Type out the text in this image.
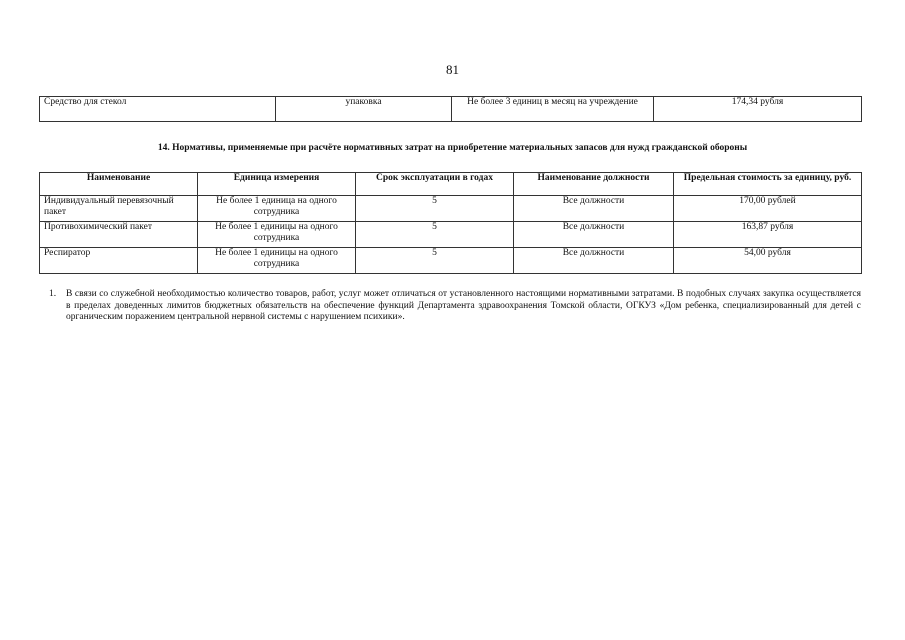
81
Средство для стекол	упаковка	Не более 3 единиц в месяц на учреждение	174,34 рубля
14. Нормативы, применяемые при расчёте нормативных затрат на приобретение материальных запасов для нужд гражданской обороны
Наименование	Единица измерения	Срок эксплуатации в годах	Наименование должности	Предельная стоимость за единицу, руб.
Индивидуальный перевязочный пакет	Не более 1 единица на одного сотрудника	5	Все должности	170,00 рублей
Противохимический пакет	Не более 1 единицы на одного сотрудника	5	Все должности	163,87 рубля
Респиратор	Не более 1 единицы на одного сотрудника	5	Все должности	54,00 рубля
1. В связи со служебной необходимостью количество товаров, работ, услуг может отличаться от установленного настоящими нормативными затратами. В подобных случаях закупка осуществляется в пределах доведенных лимитов бюджетных обязательств на обеспечение функций Департамента здравоохранения Томской области, ОГКУЗ «Дом ребенка, специализированный для детей с органическим поражением центральной нервной системы с нарушением психики».
